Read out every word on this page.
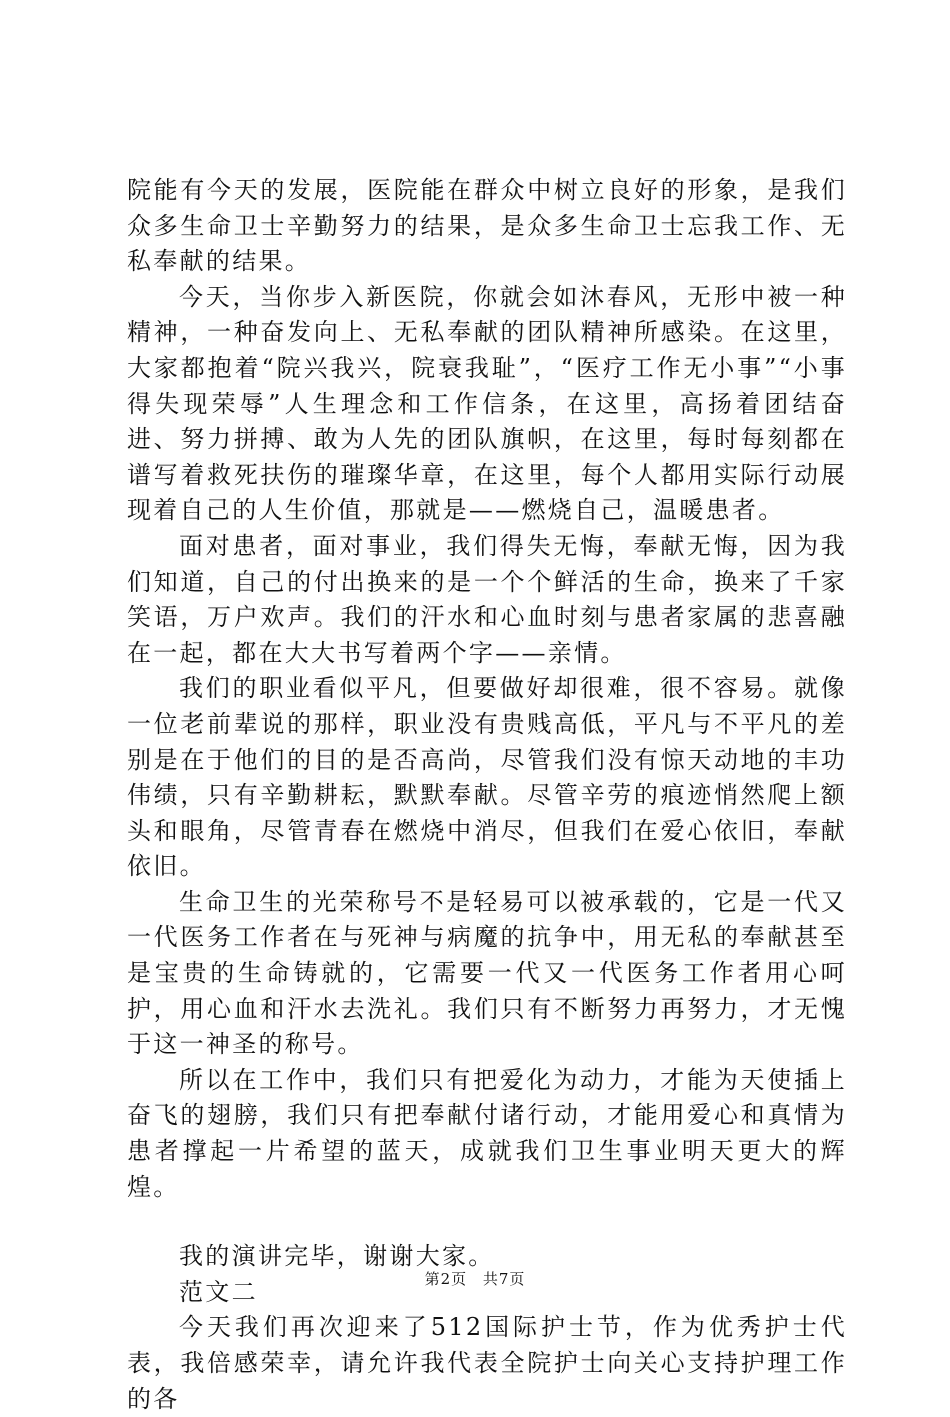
院能有今天的发展，医院能在群众中树立良好的形象，是我们众多生命卫士辛勤努力的结果，是众多生命卫士忘我工作、无私奉献的结果。

今天，当你步入新医院，你就会如沐春风，无形中被一种精神，一种奋发向上、无私奉献的团队精神所感染。在这里，大家都抱着“院兴我兴，院衰我耻”，“医疗工作无小事”“小事得失现荣辱”人生理念和工作信条，在这里，高扬着团结奋进、努力拼搏、敢为人先的团队旗帜，在这里，每时每刻都在谱写着救死扶伤的璀璨华章，在这里，每个人都用实际行动展现着自己的人生价值，那就是——燃烧自己，温暖患者。

面对患者，面对事业，我们得失无悔，奉献无悔，因为我们知道，自己的付出换来的是一个个鲜活的生命，换来了千家笑语，万户欢声。我们的汗水和心血时刻与患者家属的悲喜融在一起，都在大大书写着两个字——亲情。

我们的职业看似平凡，但要做好却很难，很不容易。就像一位老前辈说的那样，职业没有贵贱高低，平凡与不平凡的差别是在于他们的目的是否高尚，尽管我们没有惊天动地的丰功伟绩，只有辛勤耕耘，默默奉献。尽管辛劳的痕迹悄然爬上额头和眼角，尽管青春在燃烧中消尽，但我们在爱心依旧，奉献依旧。

生命卫生的光荣称号不是轻易可以被承载的，它是一代又一代医务工作者在与死神与病魔的抗争中，用无私的奉献甚至是宝贵的生命铸就的，它需要一代又一代医务工作者用心呵护，用心血和汗水去洗礼。我们只有不断努力再努力，才无愧于这一神圣的称号。

所以在工作中，我们只有把爱化为动力，才能为天使插上奋飞的翅膀，我们只有把奉献付诸行动，才能用爱心和真情为患者撑起一片希望的蓝天，成就我们卫生事业明天更大的辉煌。

我的演讲完毕，谢谢大家。

范文二

今天我们再次迎来了512国际护士节，作为优秀护士代表，我倍感荣幸，请允许我代表全院护士向关心支持护理工作的各

第2页 共7页
